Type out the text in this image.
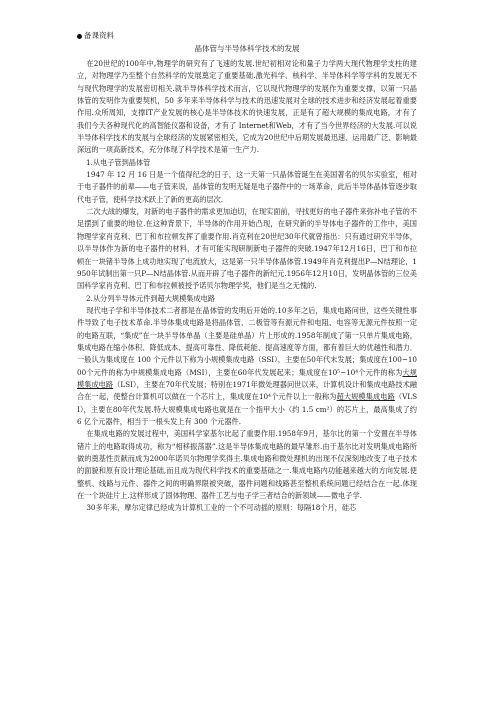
备课资料
晶体管与半导体科学技术的发展

在20世纪的100年中,物理学的研究有了飞速的发展.世纪初相对论和量子力学两大现代物理学支柱的建立，对物理学乃至整个自然科学的发展奠定了重要基础.激光科学、核科学、半导体科学等学科的发展无不与现代物理学的发展密切相关.就半导体科学技术而言，它以现代物理学的发展作为重要支撑，以第一只晶体管的发明作为重要契机，50 多年来半导体科学与技术的迅速发展对全球的技术进步和经济发展起着重要作用.众所周知，支撑IT产业发展的核心是半导体技术的快速发展，正是有了超大规模的集成电路，才有了我们今天各种现代化的高智能仪器和设备，才有了 Internet和Web，才有了当今世界经济的大发展.可以说半导体科学技术的发展与全球经济的发展紧密相关，它成为20世纪中后期发展最迅速、运用最广泛、影响最深远的一项高新技术，充分体现了科学技术是第一生产力.

1.从电子管到晶体管

1947 年 12 月 16 日是一个值得纪念的日子，这一天第一只晶体管诞生在美国著名的贝尔实验室，相对于电子器件的前辈——电子管来说，晶体管的发明无疑是电子器件中的一场革命，此后半导体晶体管逐步取代电子管，使科学技术跃上了新的更高的层次.

二次大战的爆发，对新的电子器件的需求更加迫切，在现实面前，寻找更好的电子器件来弥补电子管的不足摆到了重要的地位.在这种背景下，半导体的作用开始凸现，在研究新的半导体电子器件的工作中，美国物理学家肖克利、巴丁和布拉顿发挥了重要作用.肖克利在20世纪30年代就曾指出：只有通过研究半导体，以半导体作为新的电子器件的材料，才有可能实现研制新电子器件的突破.1947年12月16日，巴丁和布拉顿在一块锗半导体上成功地实现了电流放大，这是第一只半导体晶体管.1949年肖克利提出P—N结理论，1950年试制出第一只P—N结晶体管.从而开辟了电子器件的新纪元.1956年12月10日，发明晶体管的三位美国科学家肖克利、巴丁和布拉顿被授予诺贝尔物理学奖，他们是当之无愧的.

2.从分列半导体元件到超大规模集成电路

现代电子学和半导体技术二者都是在晶体管的发明后开始的.10多年之后，集成电路问世，这些关键性事件导致了电子技术革命.半导体集成电路是将晶体管、二极管等有源元件和电阻、电容等无源元件按照一定的电路互联，“集成”在一块半导体单晶（主要是硅单晶）片上形成的.1958年制成了第一只单片集成电路，集成电路在缩小体积、降低成本、提高可靠性、降低耗能、提高速度等方面，都有着巨大的优越性和潜力．一般认为集成度在 100 个元件以下称为小规模集成电路（SSI），主要在50年代末发展；集成度在100~1000个元件的称为中规模集成电路（MSI），主要在60年代发展起来；集成度在10⁵~10⁴个元件的称为大规模集成电路（LSI），主要在70年代发展；特别在1971年微处理器问世以来，计算机设计和集成电路技术融合在一起，使整台计算机可以做在一个芯片上，集成度在10⁴个元件以上一般称为超大规模集成电路（VLSI），主要在80年代发展.特大规模集成电路也就是在一个指甲大小（约 1.5 cm²）的芯片上，最高集成了约 6 亿个元器件，相当于一根头发上有 300 个元器件.

在集成电路的发展过程中，美国科学家基尔比起了重要作用.1958年9月，基尔比的第一个安置在半导体锗片上的电路取得成功，称为“相移振荡器”.这是半导体集成电路的最早雏形.由于基尔比对发明集成电路所做的奠基性贡献而成为2000年诺贝尔物理学奖得主.集成电路和微处理机的出现不仅深刻地改变了电子技术的面貌和原有设计理论基础,而且成为现代科学技术的重要基础之一.集成电路内功能越来越大的方向发展.使整机、线路与元件、器件之间的明确界限被突破，器件问题和线路甚至整机系统问题已经结合在一起.体现在一个块硅片上.这样形成了固体物理、器件工艺与电子学三者结合的新领域——微电子学.

30多年来，摩尔定律已经成为计算机工业的一个不可动摇的原则：每隔18个月，硅芯
